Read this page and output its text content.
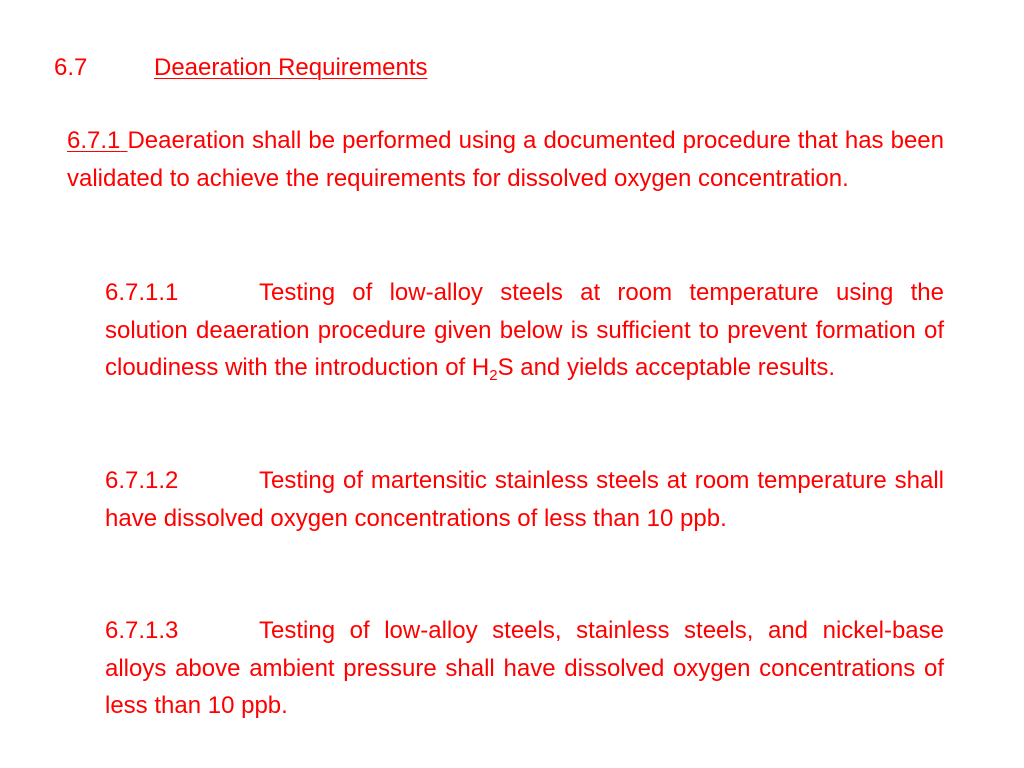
6.7	Deaeration Requirements
6.7.1 Deaeration shall be performed using a documented procedure that has been validated to achieve the requirements for dissolved oxygen concentration.
6.7.1.1	Testing of low-alloy steels at room temperature using the solution deaeration procedure given below is sufficient to prevent formation of cloudiness with the introduction of $H_2S$ and yields acceptable results.
6.7.1.2	Testing of martensitic stainless steels at room temperature shall have dissolved oxygen concentrations of less than 10 ppb.
6.7.1.3	Testing of low-alloy steels, stainless steels, and nickel-base alloys above ambient pressure shall have dissolved oxygen concentrations of less than 10 ppb.
